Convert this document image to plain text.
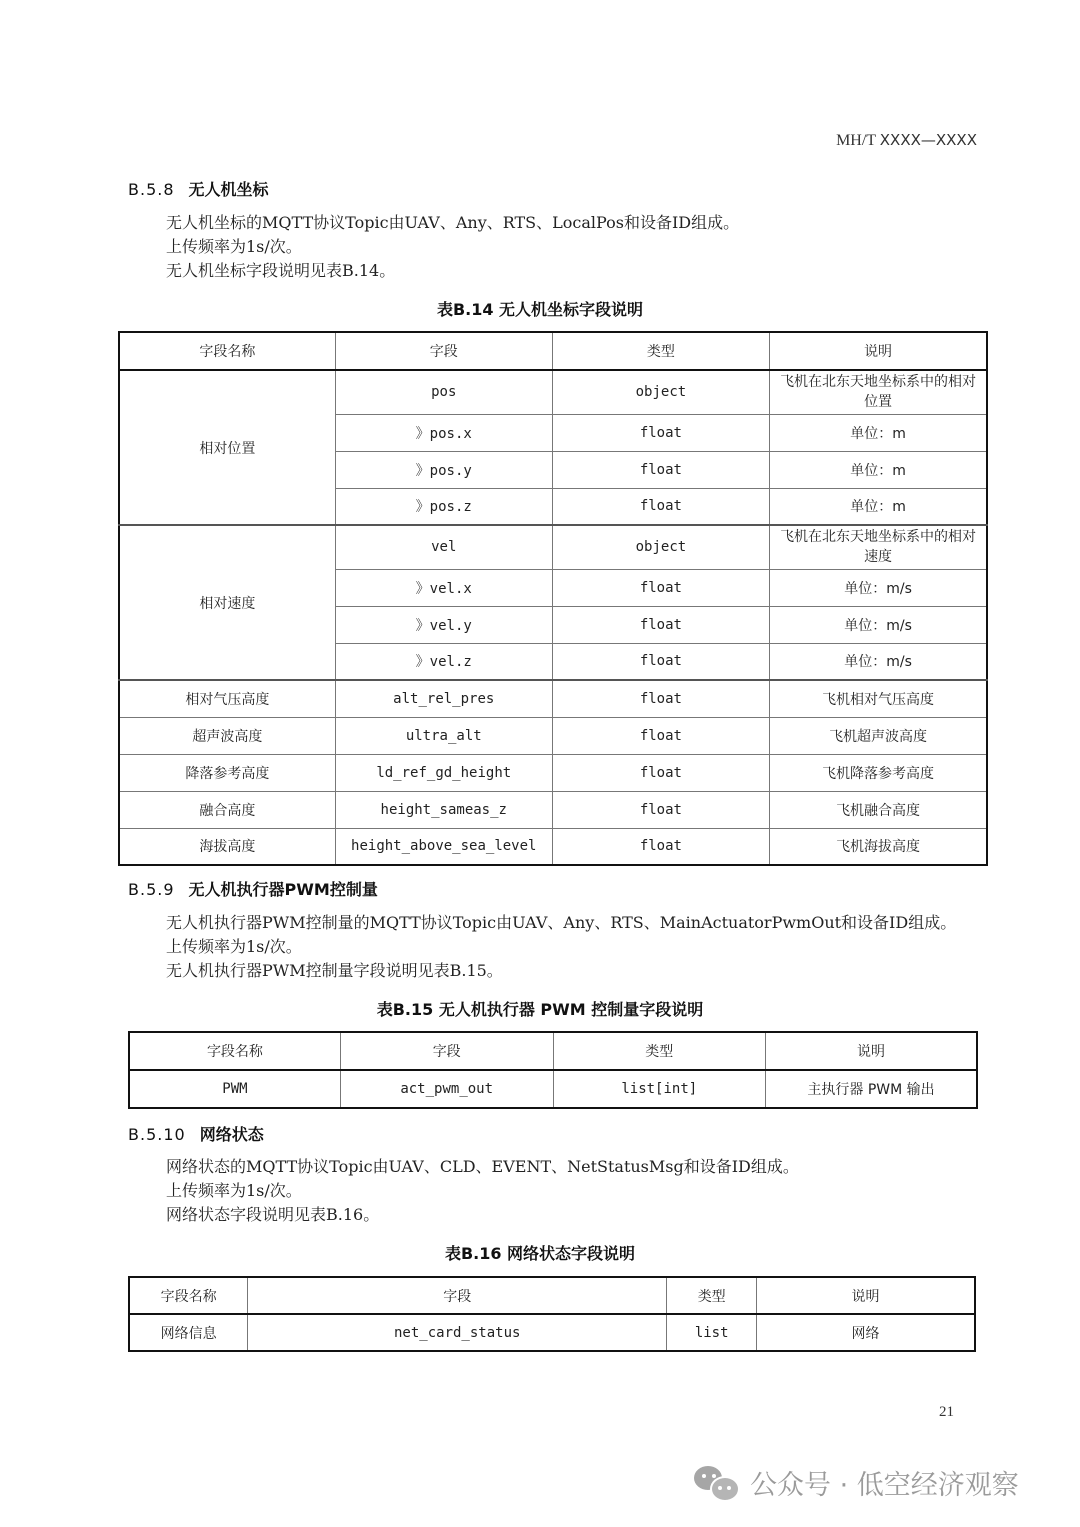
MH/T XXXX—XXXX
B.5.8 无人机坐标
无人机坐标的MQTT协议Topic由UAV、Any、RTS、LocalPos和设备ID组成。
上传频率为1s/次。
无人机坐标字段说明见表B.14。
表B.14 无人机坐标字段说明
字段名称	字段	类型	说明
相对位置	pos	object	飞机在北东天地坐标系中的相对位置
	》pos.x	float	单位：m
	》pos.y	float	单位：m
	》pos.z	float	单位：m
相对速度	vel	object	飞机在北东天地坐标系中的相对速度
	》vel.x	float	单位：m/s
	》vel.y	float	单位：m/s
	》vel.z	float	单位：m/s
相对气压高度	alt_rel_pres	float	飞机相对气压高度
超声波高度	ultra_alt	float	飞机超声波高度
降落参考高度	ld_ref_gd_height	float	飞机降落参考高度
融合高度	height_sameas_z	float	飞机融合高度
海拔高度	height_above_sea_level	float	飞机海拔高度
B.5.9 无人机执行器PWM控制量
无人机执行器PWM控制量的MQTT协议Topic由UAV、Any、RTS、MainActuatorPwmOut和设备ID组成。
上传频率为1s/次。
无人机执行器PWM控制量字段说明见表B.15。
表B.15 无人机执行器 PWM 控制量字段说明
字段名称	字段	类型	说明
PWM	act_pwm_out	list[int]	主执行器 PWM 输出
B.5.10 网络状态
网络状态的MQTT协议Topic由UAV、CLD、EVENT、NetStatusMsg和设备ID组成。
上传频率为1s/次。
网络状态字段说明见表B.16。
表B.16 网络状态字段说明
字段名称	字段	类型	说明
网络信息	net_card_status	list	网络
21
公众号 · 低空经济观察
